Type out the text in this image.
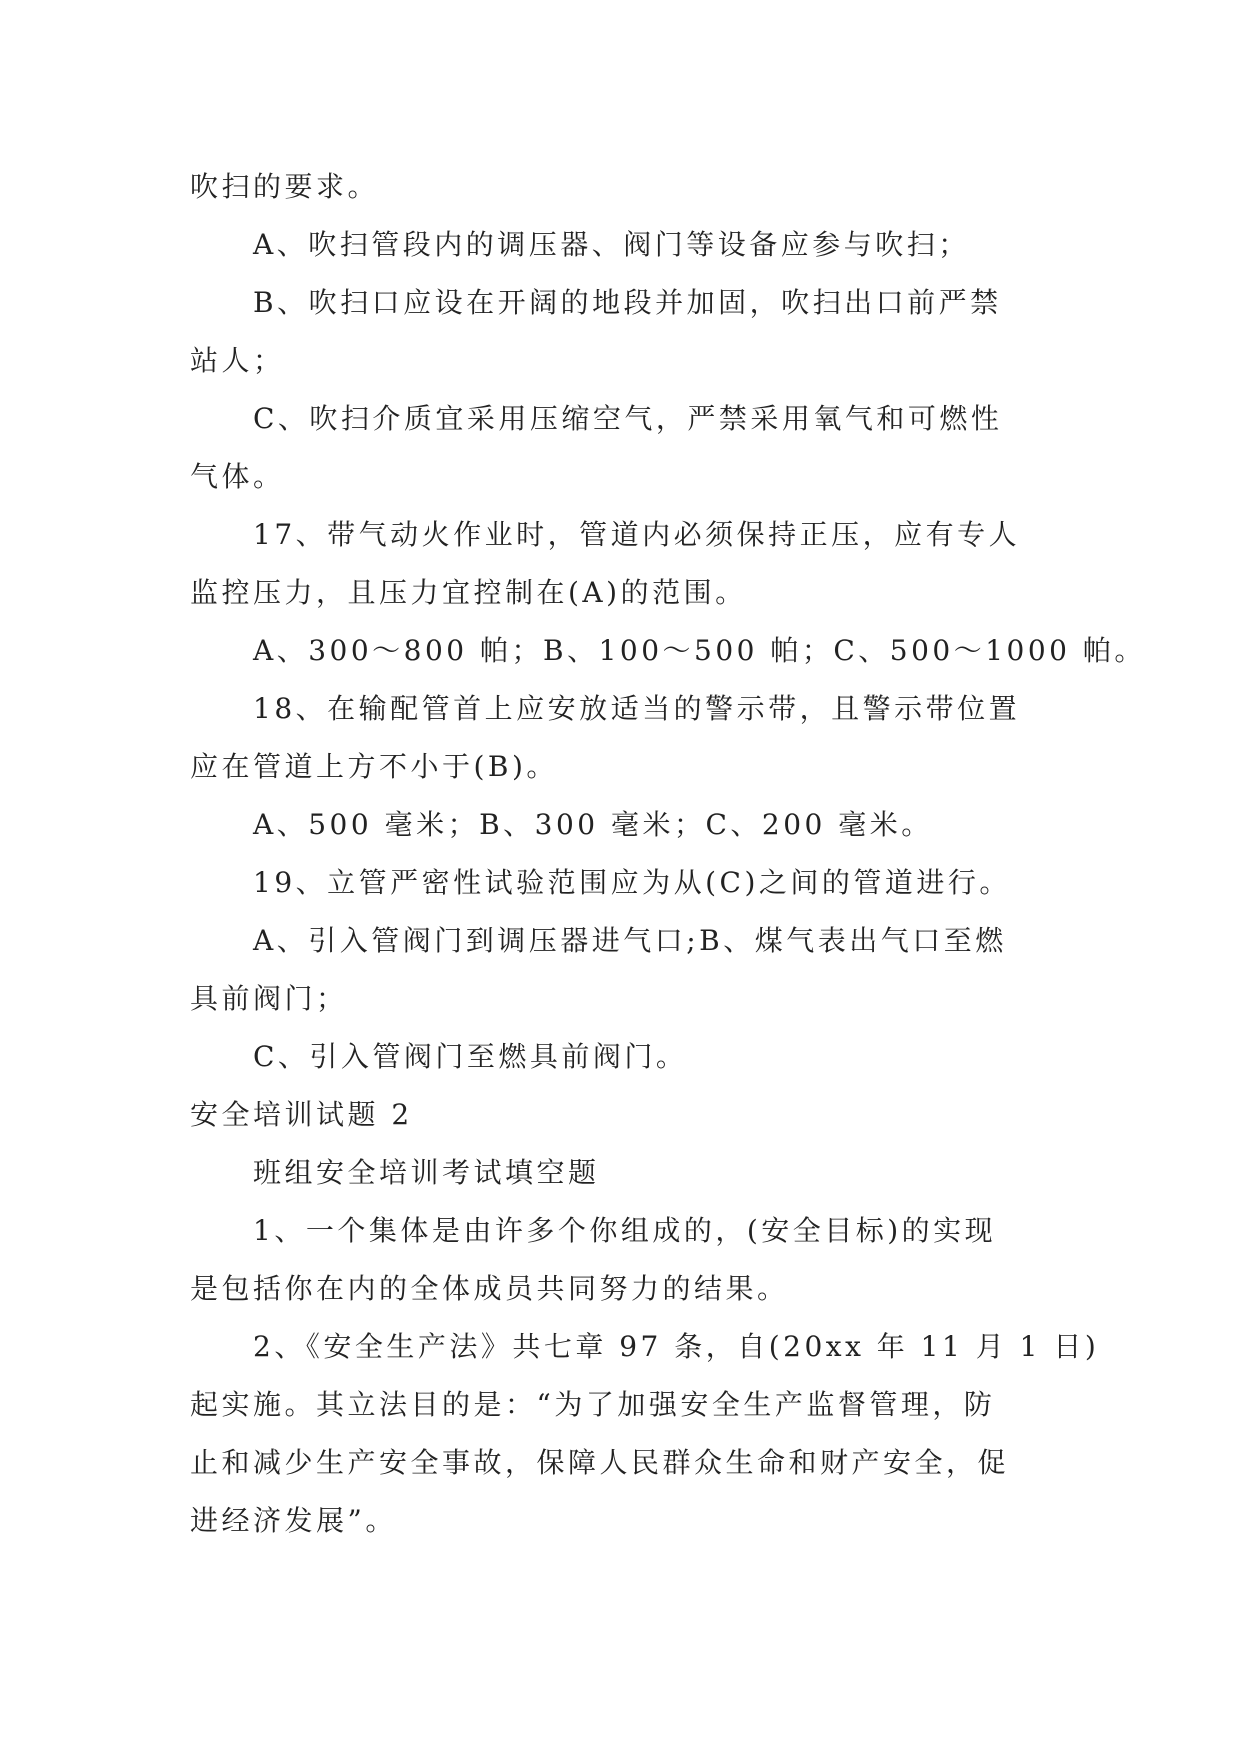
吹扫的要求。
A、吹扫管段内的调压器、阀门等设备应参与吹扫；
B、吹扫口应设在开阔的地段并加固，吹扫出口前严禁
站人；
C、吹扫介质宜采用压缩空气，严禁采用氧气和可燃性
气体。
17、带气动火作业时，管道内必须保持正压，应有专人
监控压力，且压力宜控制在(A)的范围。
A、300～800 帕；B、100～500 帕；C、500～1000 帕。
18、在输配管首上应安放适当的警示带，且警示带位置
应在管道上方不小于(B)。
A、500 毫米；B、300 毫米；C、200 毫米。
19、立管严密性试验范围应为从(C)之间的管道进行。
A、引入管阀门到调压器进气口;B、煤气表出气口至燃
具前阀门；
C、引入管阀门至燃具前阀门。
安全培训试题 2
班组安全培训考试填空题
1、一个集体是由许多个你组成的，(安全目标)的实现
是包括你在内的全体成员共同努力的结果。
2、《安全生产法》共七章 97 条，自(20xx 年 11 月 1 日)
起实施。其立法目的是：“为了加强安全生产监督管理，防
止和减少生产安全事故，保障人民群众生命和财产安全，促
进经济发展”。
